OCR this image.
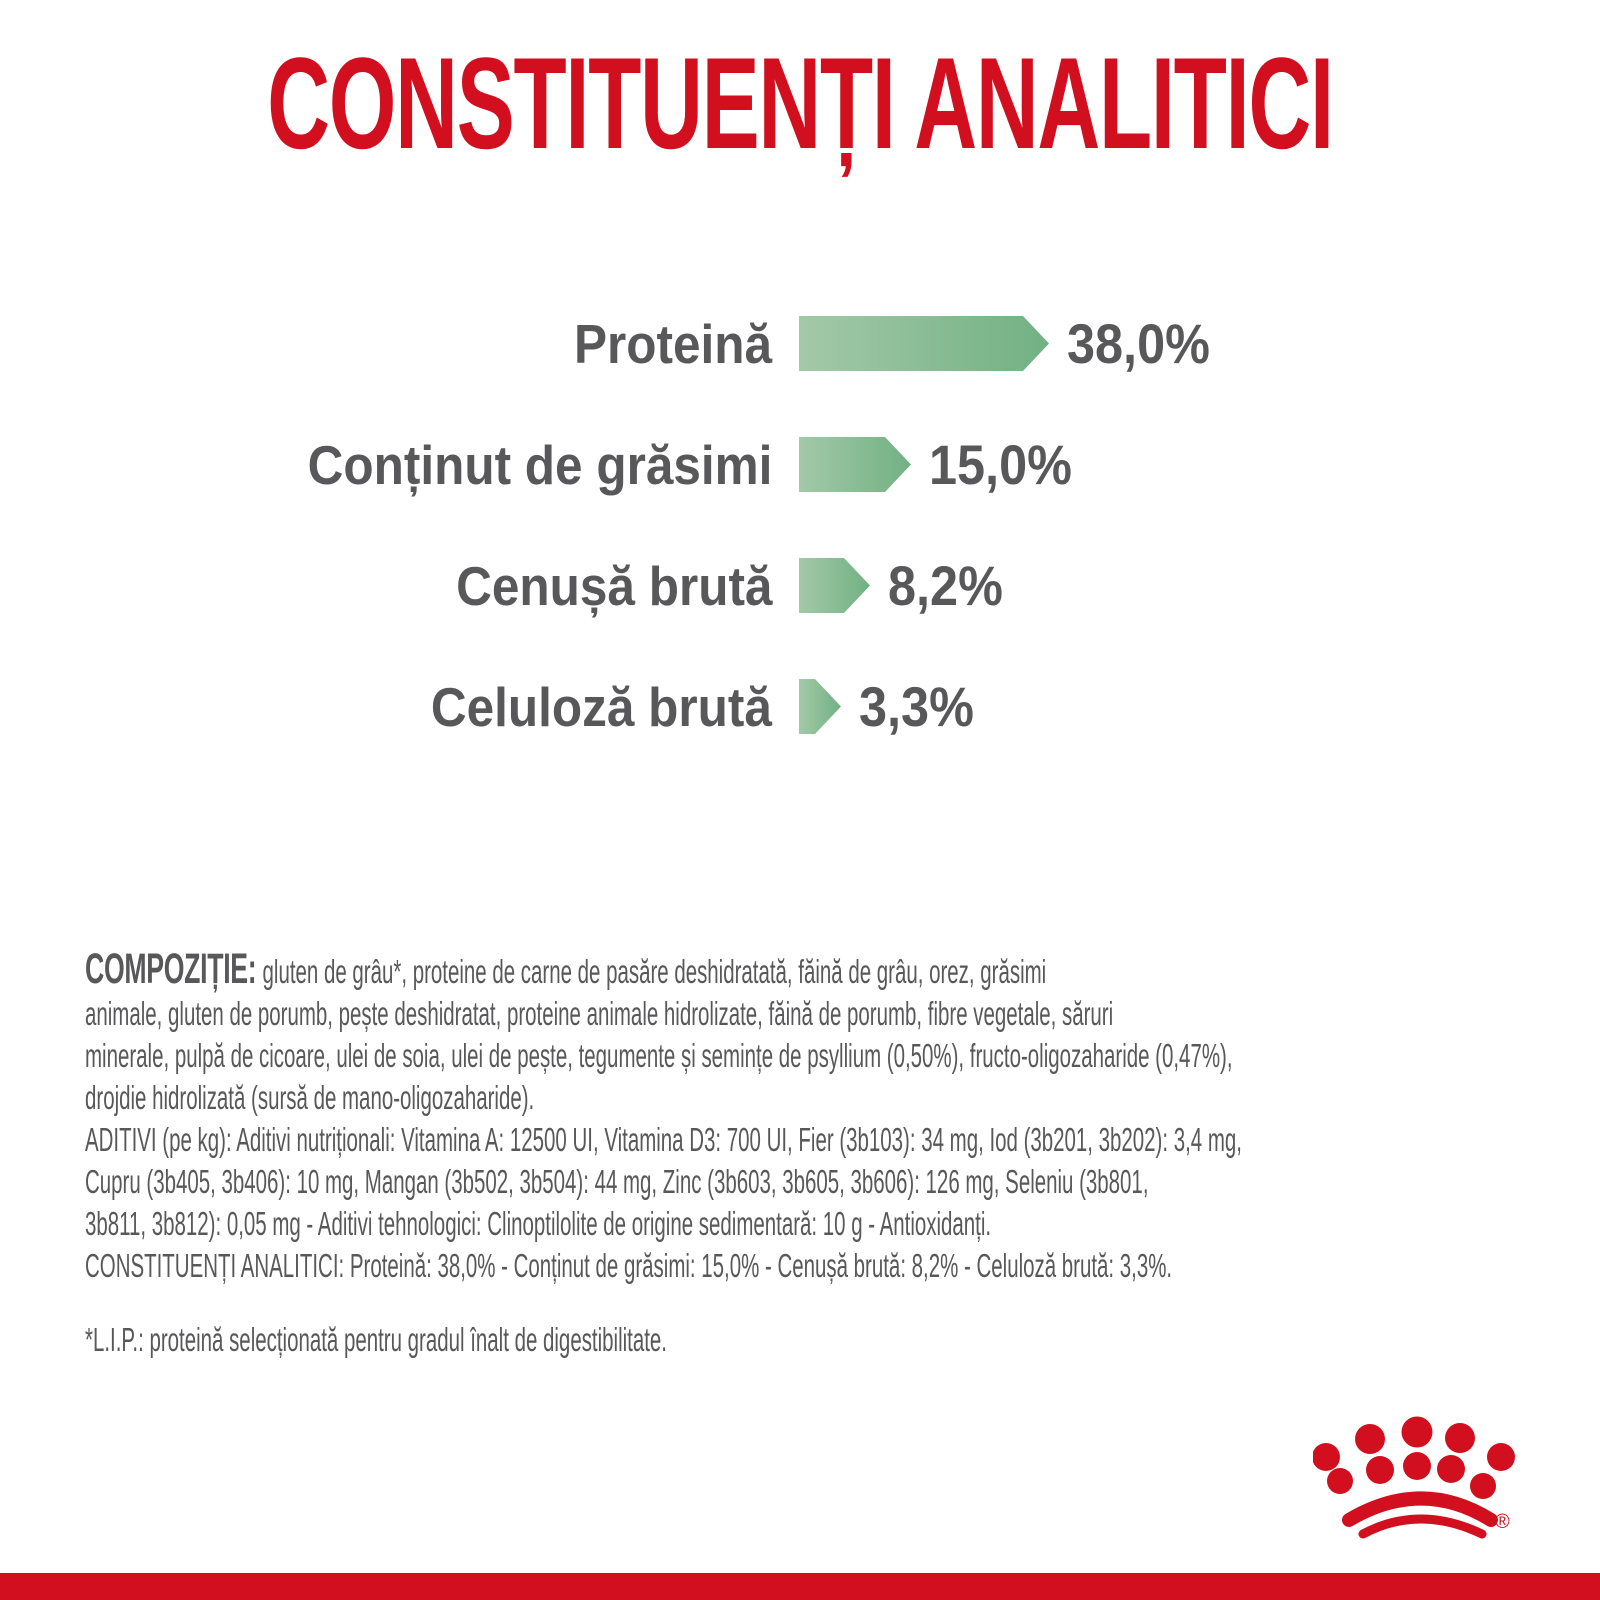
CONSTITUENȚI ANALITICI
Proteină	38,0%
Conținut de grăsimi	15,0%
Cenușă brută 8,2%
Celuloză brută 3,3%
COMPOZIȚIE: gluten de grâu*, proteine de carne de pasăre deshidratată, făină de grâu, orez, grăsimi
animale, gluten de porumb, pește deshidratat, proteine animale hidrolizate, făină de porumb, fibre vegetale, săruri
minerale, pulpă de cicoare, ulei de soia, ulei de pește, tegumente și semințe de psyllium (0,50%), fructo-oligozaharide (0,47%),
drojdie hidrolizată (sursă de mano-oligozaharide).
ADITIVI (pe kg): Aditivi nutriționali: Vitamina A: 12500 UI, Vitamina D3: 700 UI, Fier (3b103): 34 mg, Iod (3b201, 3b202): 3,4 mg,
Cupru (3b405, 3b406): 10 mg, Mangan (3b502, 3b504): 44 mg, Zinc (3b603, 3b605, 3b606): 126 mg, Seleniu (3b801,
3b811, 3b812): 0,05 mg - Aditivi tehnologici: Clinoptilolite de origine sedimentară: 10 g - Antioxidanți.
CONSTITUENȚI ANALITICI: Proteină: 38,0% - Conținut de grăsimi: 15,0% - Cenușă brută: 8,2% - Celuloză brută: 3,3%.
*L.I.P.: proteină selecționată pentru gradul înalt de digestibilitate.
®
